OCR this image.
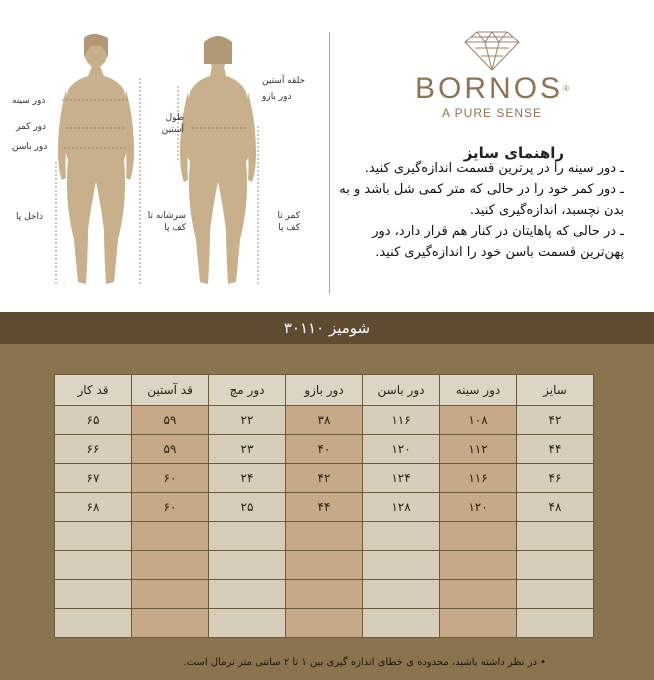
دور سینه
دور کمر
دور باسن
داخل پا	سرشانه تا کف پا
طول آستین
حلقه آستین
دور بازو
کمر تا کف پا
BORNOS®
A PURE SENSE
راهنمای سایز

ـ دور سینه را در پرترین قسمت اندازه‌گیری کنید.

ـ دور کمر خود را در حالی که متر کمی شل باشد و به بدن نچسبد، اندازه‌گیری کنید.

ـ در حالی که پاهایتان در کنار هم قرار دارد، دور پهن‌ترین قسمت باسن خود را اندازه‌گیری کنید.

شومیز ۳۰۱۱۰
سایز	دور سینه	دور باسن	دور بازو	دور مچ	قد آستین	قد کار
۴۲	۱۰۸	۱۱۶	۳۸	۲۲	۵۹	۶۵
۴۴	۱۱۲	۱۲۰	۴۰	۲۳	۵۹	۶۶
۴۶	۱۱۶	۱۲۴	۴۲	۲۴	۶۰	۶۷
۴۸	۱۲۰	۱۲۸	۴۴	۲۵	۶۰	۶۸

• در نظر داشته باشید، محدوده ی خطای اندازه گیری بین ۱ تا ۲ سانتی متر نرمال است.
